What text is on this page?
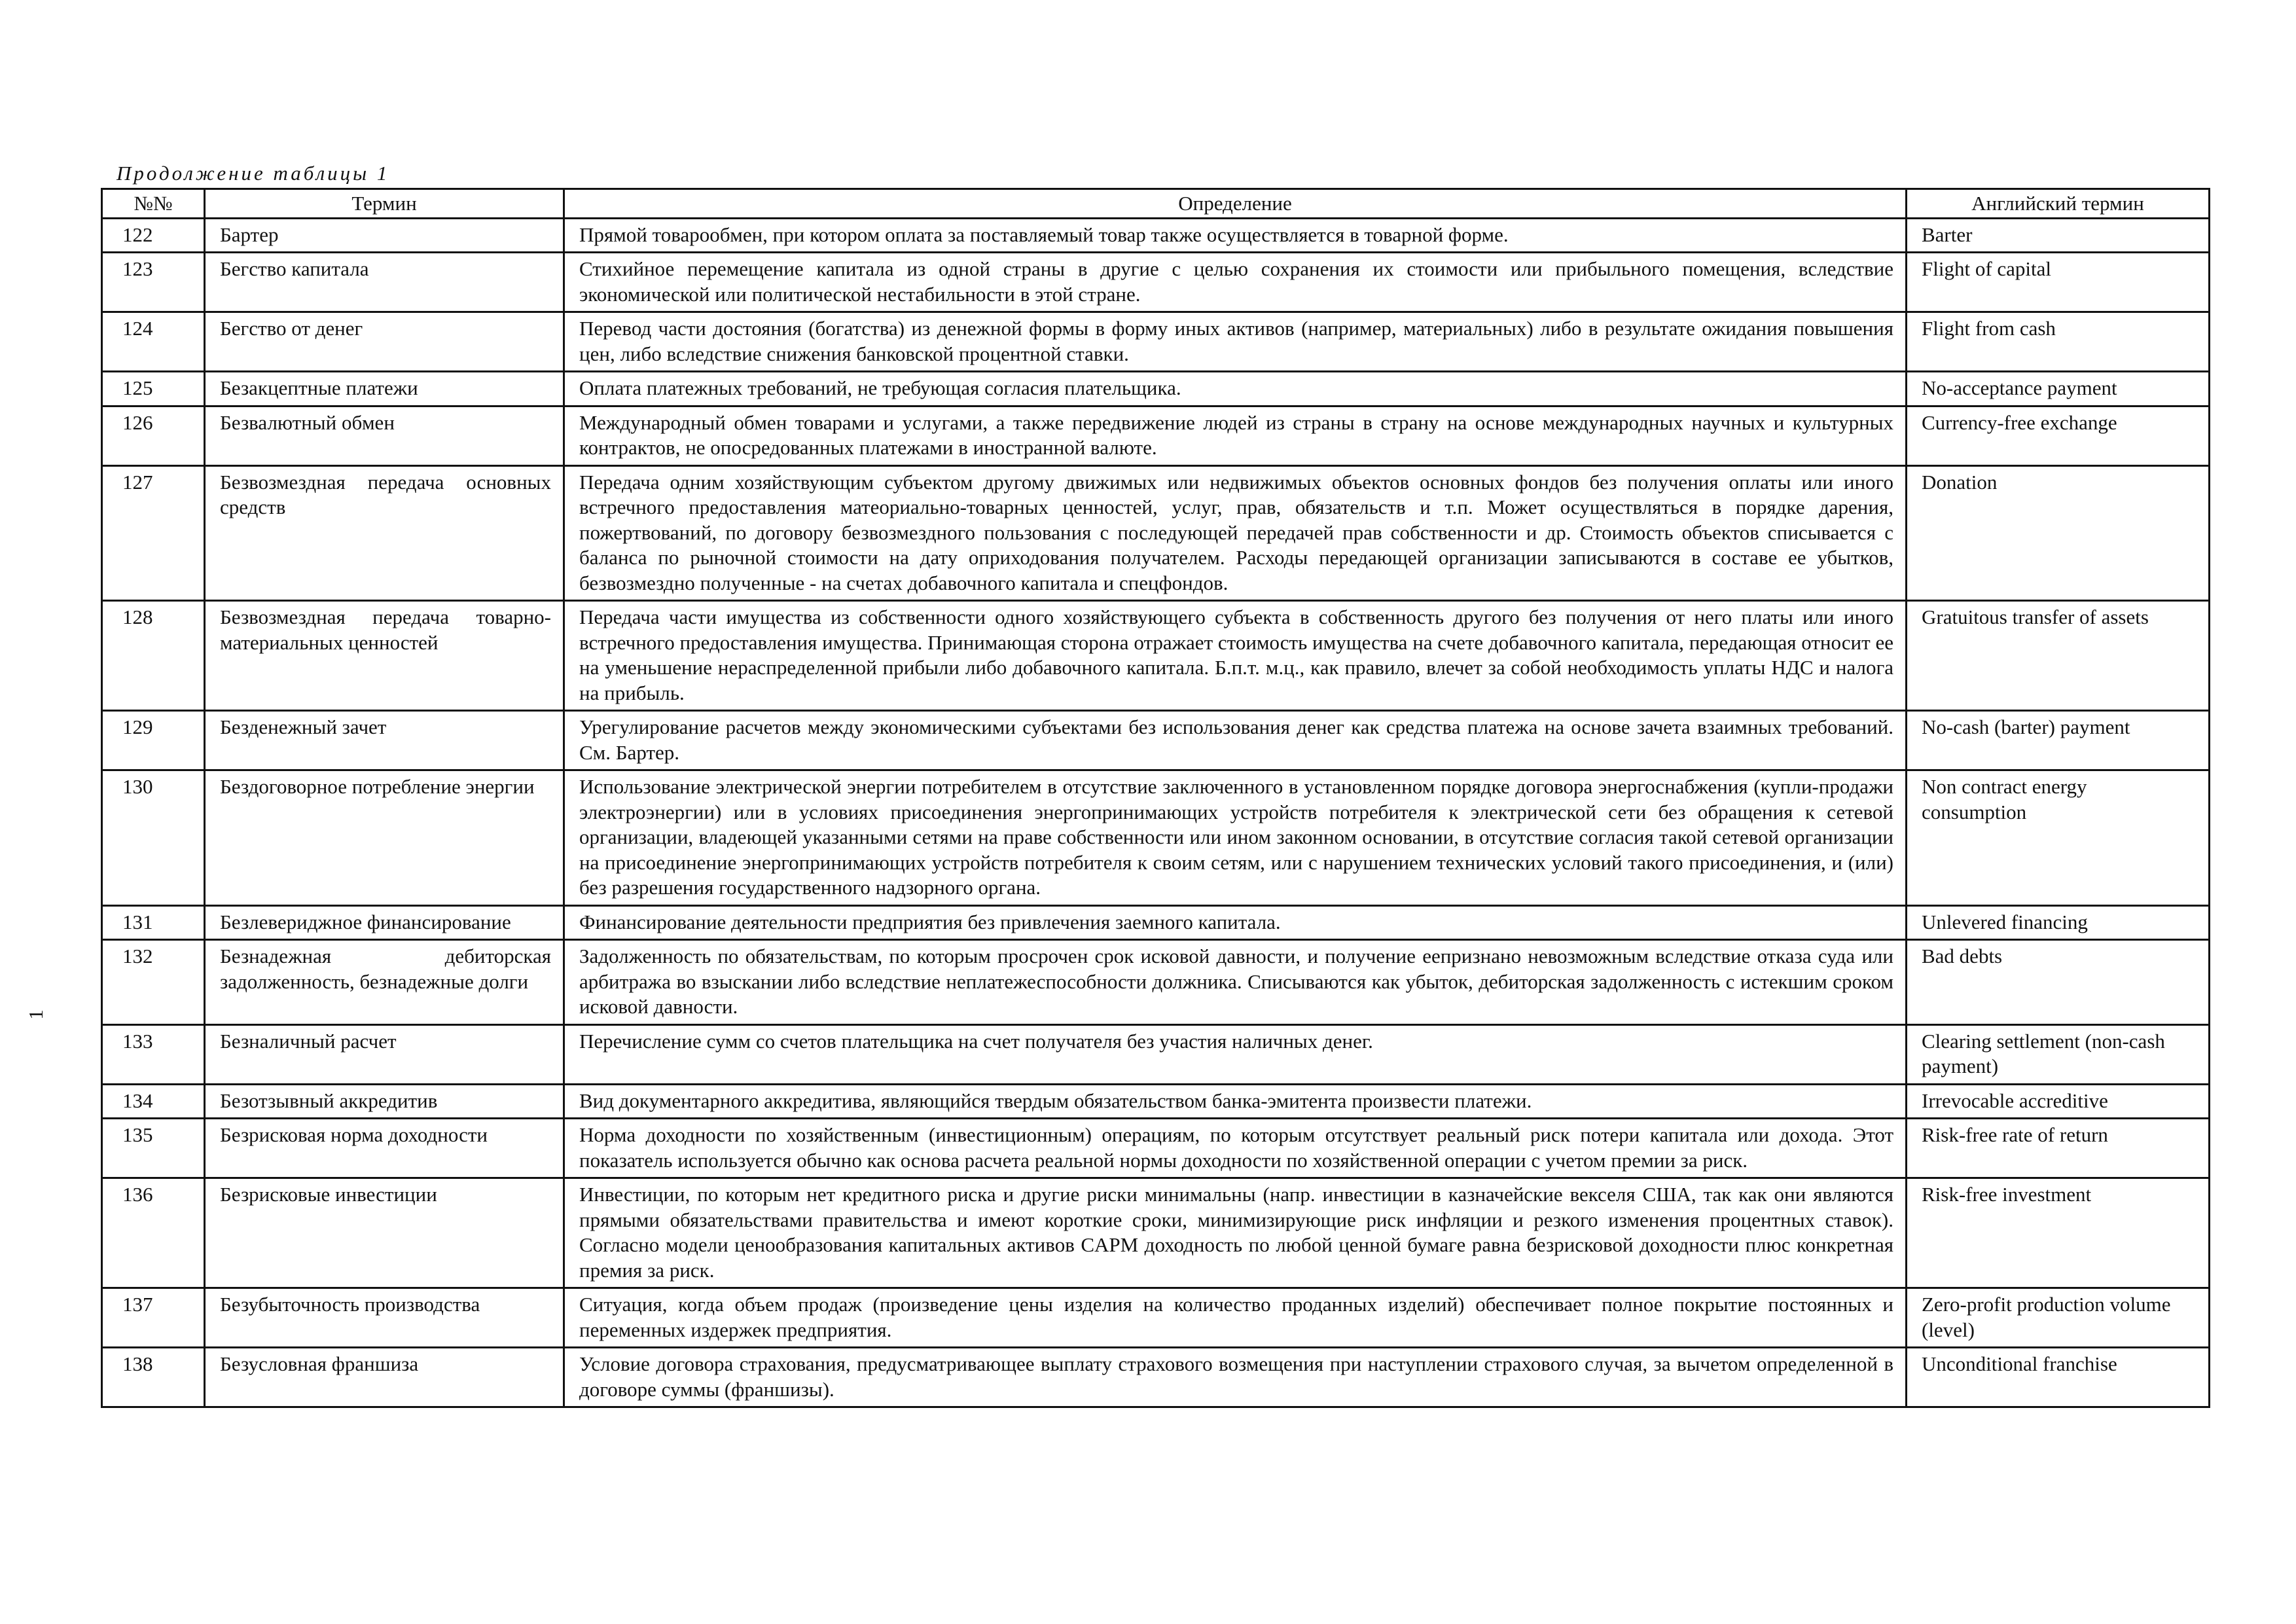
1
Продолжение таблицы 1
№№	Термин	Определение	Английский термин
122	Бартер	Прямой товарообмен, при котором оплата за поставляемый товар также осуществляется в товарной форме.	Barter
123	Бегство капитала	Стихийное перемещение капитала из одной страны в другие с целью сохранения их стоимости или прибыльного помещения, вследствие экономической или политической нестабильности в этой стране.	Flight of capital
124	Бегство от денег	Перевод части достояния (богатства) из денежной формы в форму иных активов (например, материальных) либо в результате ожидания повышения цен, либо вследствие снижения банковской процентной ставки.	Flight from cash
125	Безакцептные платежи	Оплата платежных требований, не требующая согласия плательщика.	No-acceptance payment
126	Безвалютный обмен	Международный обмен товарами и услугами, а также передвижение людей из страны в страну на основе международных научных и культурных контрактов, не опосредованных платежами в иностранной валюте.	Currency-free exchange
127	Безвозмездная передача основных средств	Передача одним хозяйствующим субъектом другому движимых или недвижимых объектов основных фондов без получения оплаты или иного встречного предоставления матеориально-товарных ценностей, услуг, прав, обязательств и т.п. Может осуществляться в порядке дарения, пожертвований, по договору безвозмездного пользования с последующей передачей прав собственности и др. Стоимость объектов списывается с баланса по рыночной стоимости на дату оприходования получателем. Расходы передающей организации записываются в составе ее убытков, безвозмездно полученные - на счетах добавочного капитала и спецфондов.	Donation
128	Безвозмездная передача товарно-материальных ценностей	Передача части имущества из собственности одного хозяйствующего субъекта в собственность другого без получения от него платы или иного встречного предоставления имущества. Принимающая сторона отражает стоимость имущества на счете добавочного капитала, передающая относит ее на уменьшение нераспределенной прибыли либо добавочного капитала. Б.п.т. м.ц., как правило, влечет за собой необходимость уплаты НДС и налога на прибыль.	Gratuitous transfer of assets
129	Безденежный зачет	Урегулирование расчетов между экономическими субъектами без использования денег как средства платежа на основе зачета взаимных требований. См. Бартер.	No-cash (barter) payment
130	Бездоговорное потребление энергии	Использование электрической энергии потребителем в отсутствие заключенного в установленном порядке договора энергоснабжения (купли-продажи электроэнергии) или в условиях присоединения энергопринимающих устройств потребителя к электрической сети без обращения к сетевой организации, владеющей указанными сетями на праве собственности или ином законном основании, в отсутствие согласия такой сетевой организации на присоединение энергопринимающих устройств потребителя к своим сетям, или с нарушением технических условий такого присоединения, и (или) без разрешения государственного надзорного органа.	Non contract energy consumption
131	Безлевериджное финансирование	Финансирование деятельности предприятия без привлечения заемного капитала.	Unlevered financing
132	Безнадежная дебиторская задолженность, безнадежные долги	Задолженность по обязательствам, по которым просрочен срок исковой давности, и получение еепризнано невозможным вследствие отказа суда или арбитража во взыскании либо вследствие неплатежеспособности должника. Списываются как убыток, дебиторская задолженность с истекшим сроком исковой давности.	Bad debts
133	Безналичный расчет	Перечисление сумм со счетов плательщика на счет получателя без участия наличных денег.	Clearing settlement (non-cash payment)
134	Безотзывный аккредитив	Вид документарного аккредитива, являющийся твердым обязательством банка-эмитента произвести платежи.	Irrevocable accreditive
135	Безрисковая норма доходности	Норма доходности по хозяйственным (инвестиционным) операциям, по которым отсутствует реальный риск потери капитала или дохода. Этот показатель используется обычно как основа расчета реальной нормы доходности по хозяйственной операции с учетом премии за риск.	Risk-free rate of return
136	Безрисковые инвестиции	Инвестиции, по которым нет кредитного риска и другие риски минимальны (напр. инвестиции в казначейские векселя США, так как они являются прямыми обязательствами правительства и имеют короткие сроки, минимизирующие риск инфляции и резкого изменения процентных ставок). Согласно модели ценообразования капитальных активов CAPM доходность по любой ценной бумаге равна безрисковой доходности плюс конкретная премия за риск.	Risk-free investment
137	Безубыточность производства	Ситуация, когда объем продаж (произведение цены изделия на количество проданных изделий) обеспечивает полное покрытие постоянных и переменных издержек предприятия.	Zero-profit production volume (level)
138	Безусловная франшиза	Условие договора страхования, предусматривающее выплату страхового возмещения при наступлении страхового случая, за вычетом определенной в договоре суммы (франшизы).	Unconditional franchise
